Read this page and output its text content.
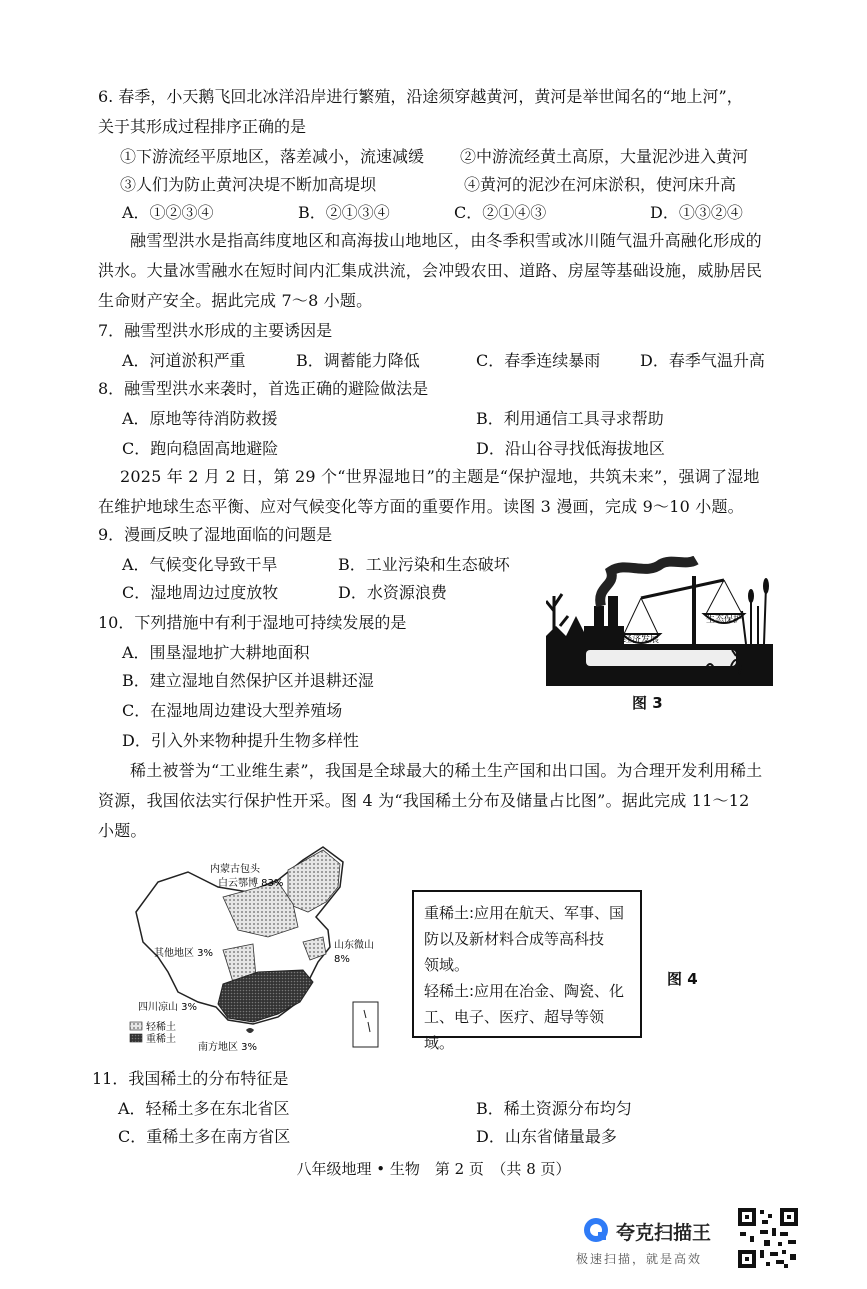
6. 春季，小天鹅飞回北冰洋沿岸进行繁殖，沿途须穿越黄河，黄河是举世闻名的“地上河”，
关于其形成过程排序正确的是
①下游流经平原地区，落差减小，流速减缓 ②中游流经黄土高原，大量泥沙进入黄河
③人们为防止黄河决堤不断加高堤坝	④黄河的泥沙在河床淤积，使河床升高
A．①②③④	B．②①③④	C．②①④③	D．①③②④
融雪型洪水是指高纬度地区和高海拔山地地区，由冬季积雪或冰川随气温升高融化形成的洪水。大量冰雪融水在短时间内汇集成洪流，会冲毁农田、道路、房屋等基础设施，威胁居民生命财产安全。据此完成 7～8 小题。
7．融雪型洪水形成的主要诱因是
A．河道淤积严重	B．调蓄能力降低	C．春季连续暴雨 D．春季气温升高
8．融雪型洪水来袭时，首选正确的避险做法是
A．原地等待消防救援	B．利用通信工具寻求帮助
C．跑向稳固高地避险	D．沿山谷寻找低海拔地区
2025 年 2 月 2 日，第 29 个“世界湿地日”的主题是“保护湿地，共筑未来”，强调了湿地在维护地球生态平衡、应对气候变化等方面的重要作用。读图 3 漫画，完成 9～10 小题。
9．漫画反映了湿地面临的问题是
A．气候变化导致干旱	B．工业污染和生态破坏
C．湿地周边过度放牧	D．水资源浪费
10．下列措施中有利于湿地可持续发展的是
A．围垦湿地扩大耕地面积
B．建立湿地自然保护区并退耕还湿
C．在湿地周边建设大型养殖场
D．引入外来物种提升生物多样性
经济发展
生态保护
图 3
稀土被誉为“工业维生素”，我国是全球最大的稀土生产国和出口国。为合理开发利用稀土资源，我国依法实行保护性开采。图 4 为“我国稀土分布及储量占比图”。据此完成 11～12 小题。
内蒙古包头
白云鄂博 83%
其他地区 3%
山东微山
8%
四川凉山 3%
轻稀土
重稀土
南方地区 3%
重稀土:应用在航天、军事、国
防以及新材料合成等高科技
领域。
轻稀土:应用在冶金、陶瓷、化
工、电子、医疗、超导等领域。
图 4
11．我国稀土的分布特征是
A．轻稀土多在东北省区	B．稀土资源分布均匀
C．重稀土多在南方省区	D．山东省储量最多
八年级地理 • 生物　第 2 页　（共 8 页）
夸克扫描王
极速扫描，就是高效
